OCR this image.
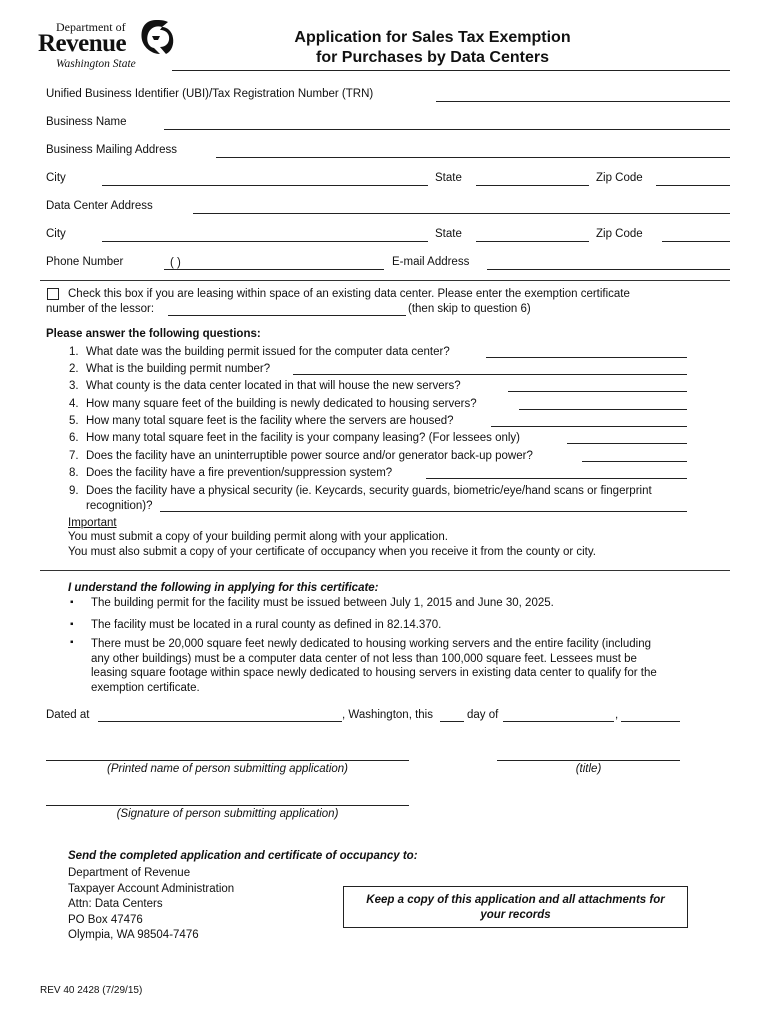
Department of
Revenue
Washington State
Application for Sales Tax Exemption
for Purchases by Data Centers
Unified Business Identifier (UBI)/Tax Registration Number (TRN)
Business Name
Business Mailing Address
City	State	Zip Code
Data Center Address
City	State	Zip Code
Phone Number	( )	E-mail Address
Check this box if you are leasing within space of an existing data center. Please enter the exemption certificate
number of the lessor:	(then skip to question 6)
Please answer the following questions:
1. What date was the building permit issued for the computer data center?
2. What is the building permit number?
3. What county is the data center located in that will house the new servers?
4. How many square feet of the building is newly dedicated to housing servers?
5. How many total square feet is the facility where the servers are housed?
6. How many total square feet in the facility is your company leasing? (For lessees only)
7. Does the facility have an uninterruptible power source and/or generator back-up power?
8. Does the facility have a fire prevention/suppression system?
9. Does the facility have a physical security (ie. Keycards, security guards, biometric/eye/hand scans or fingerprint
recognition)?
Important
You must submit a copy of your building permit along with your application.
You must also submit a copy of your certificate of occupancy when you receive it from the county or city.
I understand the following in applying for this certificate:
▪ The building permit for the facility must be issued between July 1, 2015 and June 30, 2025.
▪ The facility must be located in a rural county as defined in 82.14.370.
▪ There must be 20,000 square feet newly dedicated to housing working servers and the entire facility (including
any other buildings) must be a computer data center of not less than 100,000 square feet. Lessees must be
leasing square footage within space newly dedicated to housing servers in existing data center to qualify for the
exemption certificate.
Dated at	, Washington, this	day of	,
(Printed name of person submitting application)	(title)
(Signature of person submitting application)
Send the completed application and certificate of occupancy to:
Department of Revenue
Taxpayer Account Administration
Attn: Data Centers
PO Box 47476
Olympia, WA 98504-7476
Keep a copy of this application and all attachments for
your records
REV 40 2428 (7/29/15)
